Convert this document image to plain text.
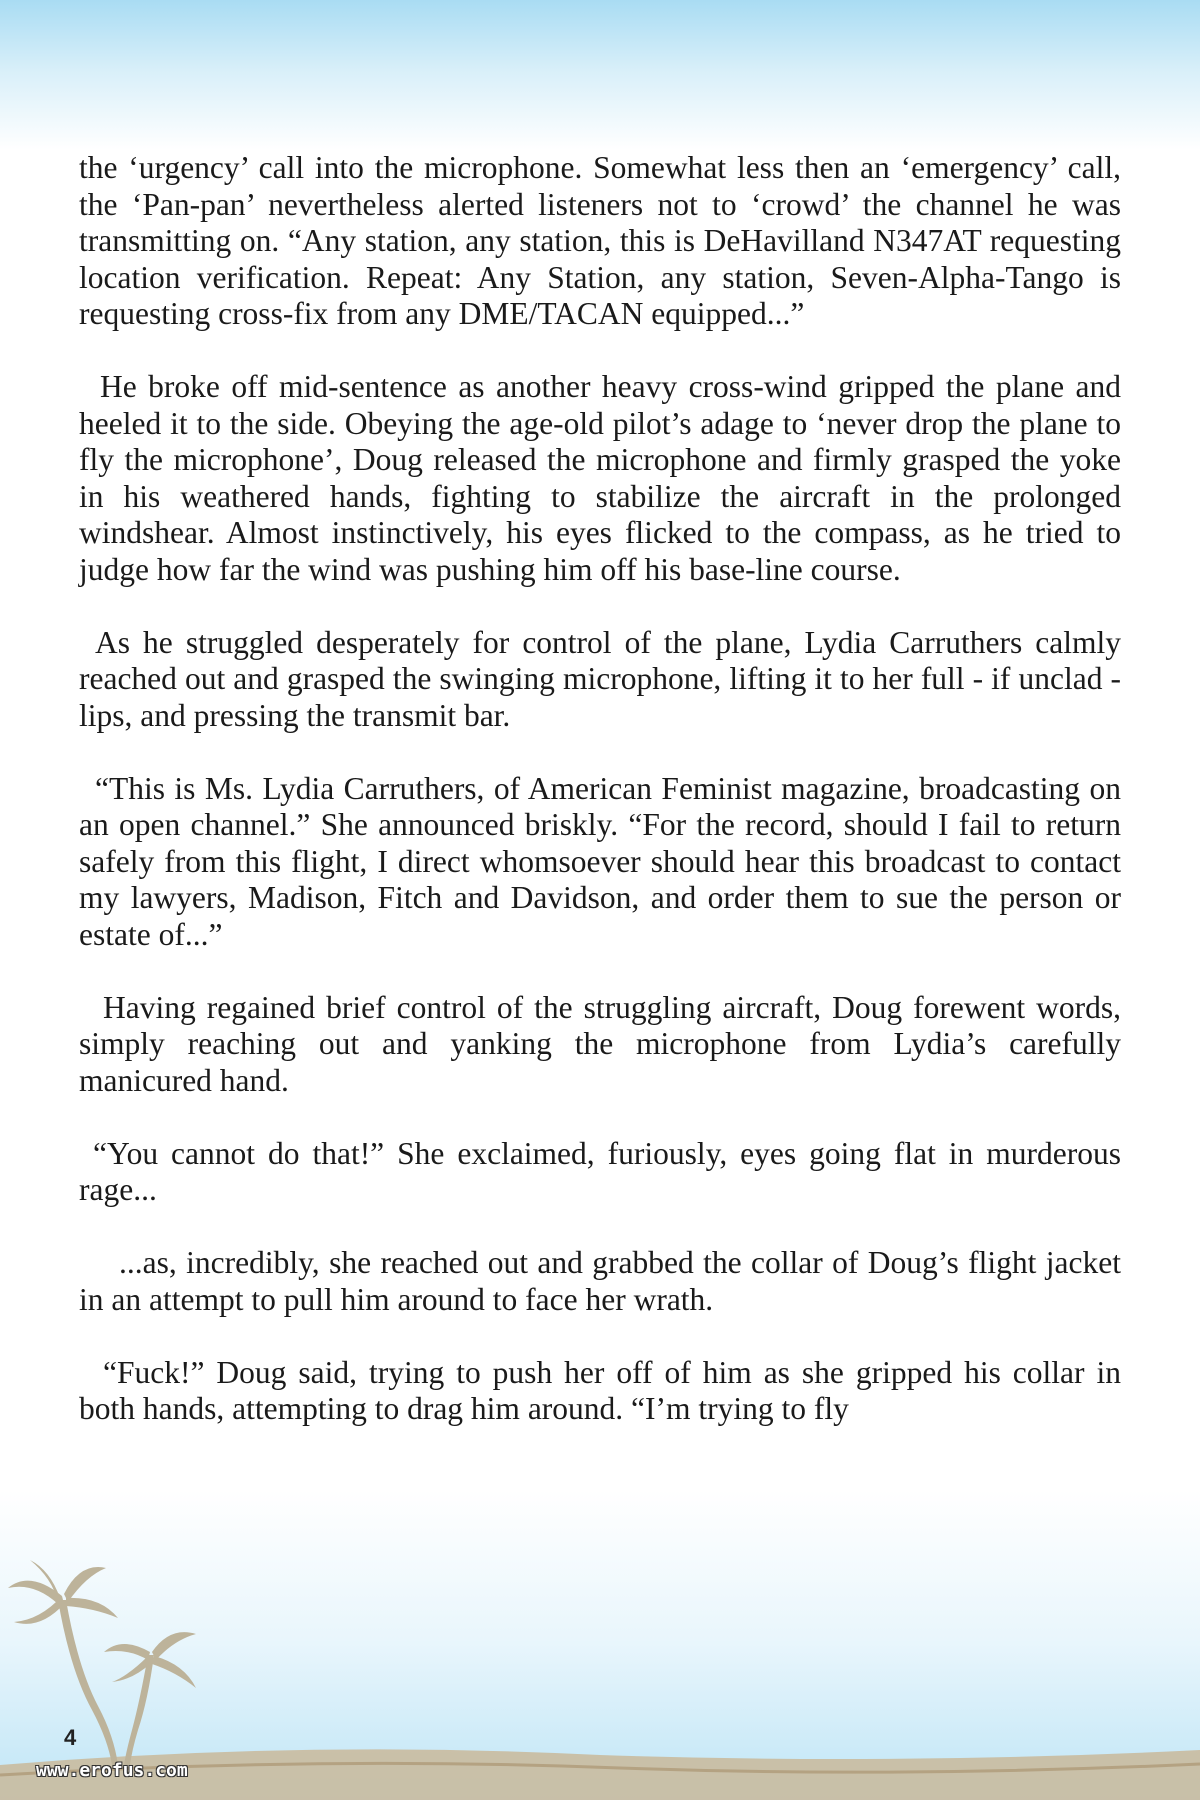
the ‘urgency’ call into the microphone. Somewhat less then an ‘emergency’ call, the ‘Pan-pan’ nevertheless alerted listeners not to ‘crowd’ the channel he was transmitting on. “Any station, any station, this is DeHavilland N347AT requesting location verification. Repeat: Any Station, any station, Seven-Alpha-Tango is requesting cross-fix from any DME/TACAN equipped...”

He broke off mid-sentence as another heavy cross-wind gripped the plane and heeled it to the side. Obeying the age-old pilot’s adage to ‘never drop the plane to fly the microphone’, Doug released the microphone and firmly grasped the yoke in his weathered hands, fighting to stabilize the aircraft in the prolonged windshear. Almost instinctively, his eyes flicked to the compass, as he tried to judge how far the wind was pushing him off his base-line course.

As he struggled desperately for control of the plane, Lydia Carruthers calmly reached out and grasped the swinging microphone, lifting it to her full - if unclad - lips, and pressing the transmit bar.

“This is Ms. Lydia Carruthers, of American Feminist magazine, broadcasting on an open channel.” She announced briskly. “For the record, should I fail to return safely from this flight, I direct whomsoever should hear this broadcast to contact my lawyers, Madison, Fitch and Davidson, and order them to sue the person or estate of...”

Having regained brief control of the struggling aircraft, Doug forewent words, simply reaching out and yanking the microphone from Lydia’s carefully manicured hand.

“You cannot do that!” She exclaimed, furiously, eyes going flat in murderous rage...

...as, incredibly, she reached out and grabbed the collar of Doug’s flight jacket in an attempt to pull him around to face her wrath.

“Fuck!” Doug said, trying to push her off of him as she gripped his collar in both hands, attempting to drag him around. “I’m trying to fly

4
www.erofus.com
